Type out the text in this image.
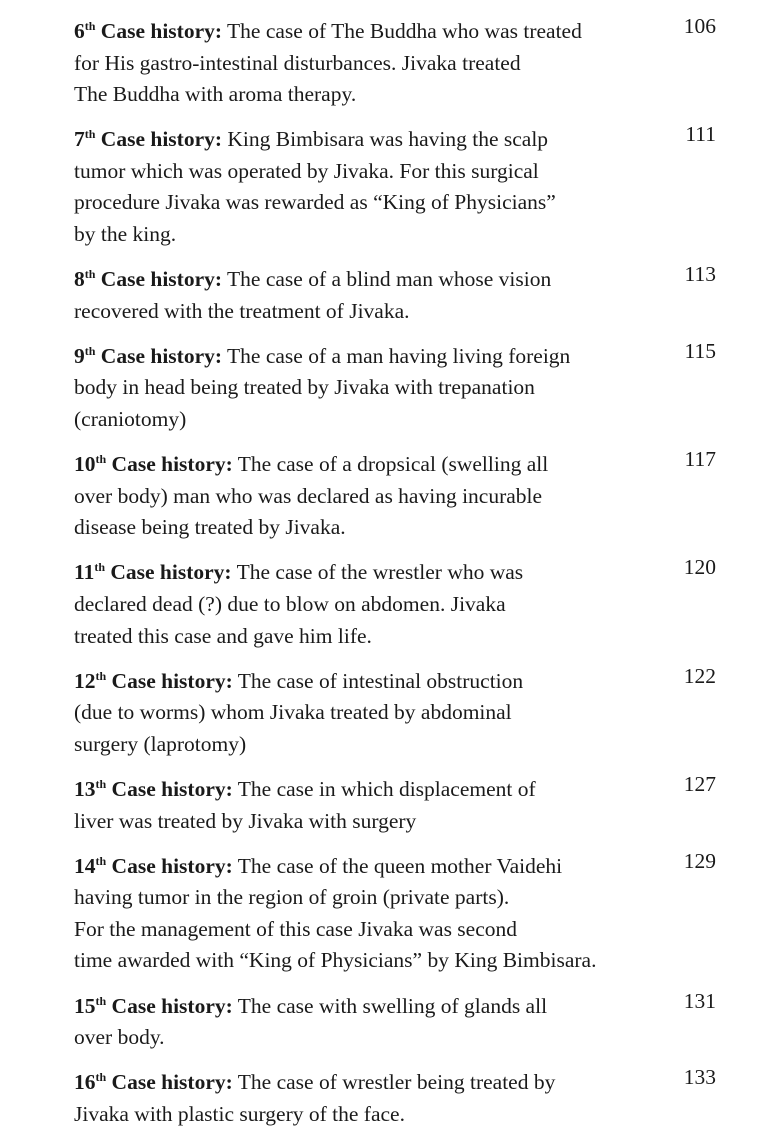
6th Case history: The case of The Buddha who was treated
for His gastro-intestinal disturbances. Jivaka treated
The Buddha with aroma therapy.
106
7th Case history: King Bimbisara was having the scalp
tumor which was operated by Jivaka. For this surgical
procedure Jivaka was rewarded as “King of Physicians”
by the king.
111
8th Case history: The case of a blind man whose vision
recovered with the treatment of Jivaka.
113
9th Case history: The case of a man having living foreign
body in head being treated by Jivaka with trepanation
(craniotomy)
115
10th Case history: The case of a dropsical (swelling all
over body) man who was declared as having incurable
disease being treated by Jivaka.
117
11th Case history: The case of the wrestler who was
declared dead (?) due to blow on abdomen. Jivaka
treated this case and gave him life.
120
12th Case history: The case of intestinal obstruction
(due to worms) whom Jivaka treated by abdominal
surgery (laprotomy)
122
13th Case history: The case in which displacement of
liver was treated by Jivaka with surgery
127
14th Case history: The case of the queen mother Vaidehi
having tumor in the region of groin (private parts).
For the management of this case Jivaka was second
time awarded with “King of Physicians” by King Bimbisara.
129
15th Case history: The case with swelling of glands all
over body.
131
16th Case history: The case of wrestler being treated by
Jivaka with plastic surgery of the face.
133
